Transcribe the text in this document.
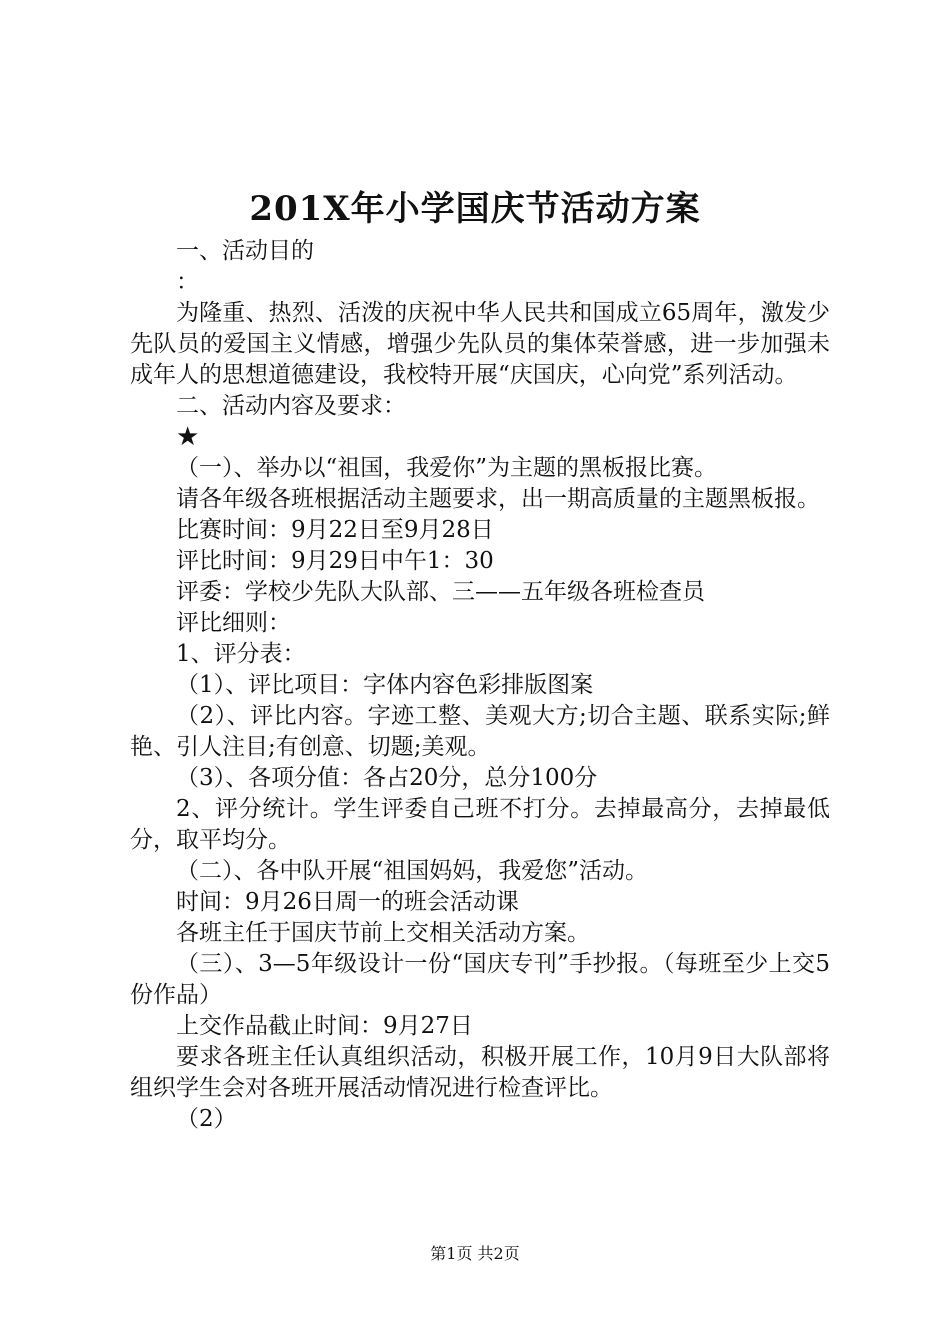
201X年小学国庆节活动方案

一、活动目的

：

为隆重、热烈、活泼的庆祝中华人民共和国成立65周年，激发少先队员的爱国主义情感，增强少先队员的集体荣誉感，进一步加强未成年人的思想道德建设，我校特开展“庆国庆，心向党”系列活动。

二、活动内容及要求：

★

（一）、举办以“祖国，我爱你”为主题的黑板报比赛。

请各年级各班根据活动主题要求，出一期高质量的主题黑板报。

比赛时间：9月22日至9月28日

评比时间：9月29日中午1：30

评委：学校少先队大队部、三——五年级各班检查员

评比细则：

1、评分表：

（1）、评比项目：字体内容色彩排版图案

（2）、评比内容。字迹工整、美观大方;切合主题、联系实际;鲜艳、引人注目;有创意、切题;美观。

（3）、各项分值：各占20分，总分100分

2、评分统计。学生评委自己班不打分。去掉最高分，去掉最低分，取平均分。

（二）、各中队开展“祖国妈妈，我爱您”活动。

时间：9月26日周一的班会活动课

各班主任于国庆节前上交相关活动方案。

（三）、3—5年级设计一份“国庆专刊”手抄报。（每班至少上交5份作品）

上交作品截止时间：9月27日

要求各班主任认真组织活动，积极开展工作，10月9日大队部将组织学生会对各班开展活动情况进行检查评比。

（2）

第1页 共2页
